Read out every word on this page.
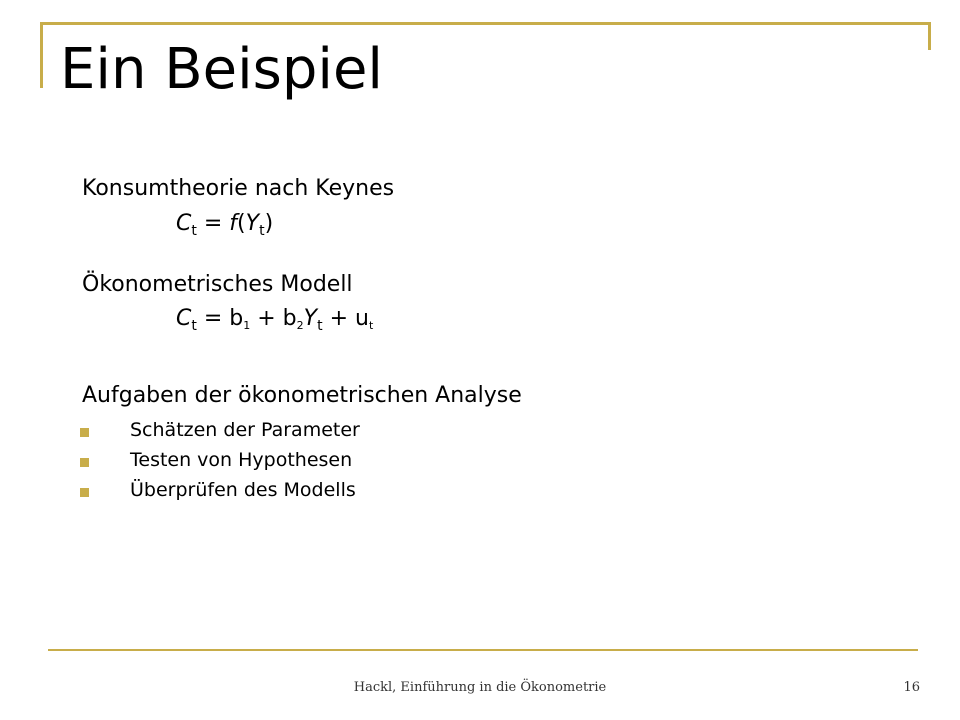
Ein Beispiel
Konsumtheorie nach Keynes
$C_t = f(Y_t)$
Ökonometrisches Modell
$C_t = b_1 + b_2Y_t + u_t$
Aufgaben der ökonometrischen Analyse
Schätzen der Parameter
Testen von Hypothesen
Überprüfen des Modells
Hackl, Einführung in die Ökonometrie	16
